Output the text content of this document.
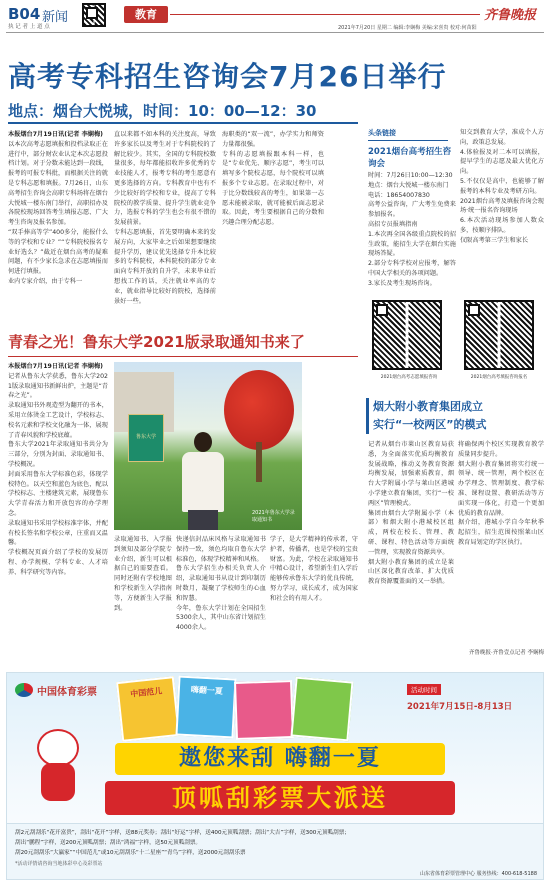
B04 新闻
执 记 者 上 道 点
教育	齐鲁晚报
2021年7月20日 星期二 编辑:李娴梅 美编:宋喜贵 校对:何苗阳
高考专科招生咨询会7月26日举行
地点：烟台大悦城，时间：10：00—12：30
本报烟台7月19日讯(记者 李娴梅)
以本次高考志愿填报和投档录取正在进行中，部分财农业认定本次志愿投档计划。对于分数未能达到一段线，报考的可报专科批，而根据关注的就是专科志愿和填报。7月26日，山东高考招生咨询会高职专科场将在烟台大悦城一楼东南门举行，高职招办及各院校现场回答考生填报志愿、广大考生咨询及报名参加。
“双手捧高等学”400多分，能报什么等的学校和专业？”“专科院校报名专业好选么？”截近在烟台高考的疑难问题，有不少家长急求在志愿填报而何进行填报。
业内专家介绍，由于专科一
直以来都不如本科的关注度高，导致许多家长以及考生对于专科院校的了解比较少。其实，全国的专科院校数量很多，每年都能招收许多优秀的专业技能人才，报考专科的考生愿意有更多选择的方向。专科教育中也有不少比较好的学校和专业，提高了专科院校的教学质量、提升学生就业竞争力，选报专科的学生也会有很不错的发展前景。
专科志愿填报，首先要明确本来的发展方向，大家毕业之后如果想要继续提升学历，建议优先选择专升本比较多的专科院校，本科院校的部分专业面向专科开放的自升学，未来毕业后想找工作的话，关注就业率高的专业，就业指导比较好的院校，选择前景好一些。
海职类的“双一流”，办学实力和师资力量都很强。
专科的志愿填报跟本科一样，也是“专业优先、顺序志愿”，考生可以填写多个院校志愿，每个院校可以填报多个专业志愿。在录取过程中，对于比分数线较高的考生，如果第一志愿未能被录取，就可能被后面志愿录取。因此，考生要根据自己的分数和兴趣合理分配志愿。
头条链接
2021烟台高考招生咨询会
时间：7月26日10:00—12:30
地点：烟台大悦城一楼东南门
电话：18654007830
高考公益咨询，广大考生免费来参加报名。
高招专员报填指南
1.本次再全国各级重点院校的招生政策，能招生大学在烟台实施现场答疑。
2.部分专科学校对应报考，解答中国大学相关的各项问题。
3.家长及考生现场咨询。
知交到教育大学，准成个人方向，政策总发展。
4.体验报及对二本可以填报，提早学生的志愿及最大优化方向。
5.不仅仅是高中，也能够了解报考的本科专业及考研方向。
2021烟台高考及填报咨询会现场·统一报名咨询现场
6.本次活动现场参加人数众多，按顺序排队。
仅限高考第三学生和家长
2021烟台高考志愿填报咨询	2021烟台高考填报咨询报名
青春之光！鲁东大学2021版录取通知书来了
本报烟台7月19日讯(记者 李娴梅)
记者从鲁东大学获悉，鲁东大学2021版录取通知书新鲜出炉，主题是“青春之光”。
录取通知书外观造型为翻开的书本，采用立体烫金工艺设计，学校标志、校名元素和学校文化融为一体，展现了青春风貌和学校底蕴。
鲁东大学2021年录取通知书共分为三部分，分别为封面、录取通知书、学校概况。
封面采用鲁东大学标准色彩，体现学校特色。以天空和蓝色为底色，配以学校标志、主楼建筑元素，展现鲁东大学青春活力和开放包容的办学理念。
录取通知书采用学校标准字体，并配有校长签名和学校公章，庄重而又温馨。
学校概况页面介绍了学校的发展历程、办学规模、学科专业、人才培养、科学研究等内容。
鲁东大学
2021年鲁东大学录取通知书
录取通知书、入学报到须知及部分学院专业介绍，新生可以根据自己的需要查看。同时还附有学校地图和学校新生入学指南等，方便新生入学报到。
快递信封品床风格与录取通知书保持一致，须色均取自鲁东大学标准色，体现学校精神和风格。
鲁东大学招生办相关负责人介绍，录取通知书从设计到印制历时数月，凝聚了学校师生的心血和智慧。
今年，鲁东大学计划在全国招生5300余人，其中山东省计划招生4000余人。
学子，是大学精神的传承者，守护者，传播者，也是学校的宝贵财富。为此，学校在录取通知书中精心设计，希望新生们入学后能够传承鲁东大学的优良传统，努力学习，成长成才，成为国家和社会的有用人才。
烟大附小教育集团成立
实行“一校两区”的模式
记者从烟台市莱山区教育局获悉，为全面落实优质均衡教育发展战略，推动义务教育资源均衡发展，加强素质教育，烟台大学附属小学与莱山区港城小学建立教育集团，实行“一校两区”管理模式。
集团由烟台大学附属小学（本部）和烟大附小港城校区组成，两校在校长、管理、教研、课程、特色活动等方面统一管理，实现教育资源共享。
烟大附小教育集团的成立是莱山区深化教育改革、扩大优质教育资源覆盖面的又一举措。
将确保两个校区实现教育教学质量同步提升。
烟大附小教育集团将实行统一领导、统一管理，两个校区在办学理念、管理制度、教学标准、课程设置、教研活动等方面实现一体化，打造一个更加优质的教育品牌。
据介绍，港城小学自今年秋季起招生，招生范围按照莱山区教育局划定的学区执行。
齐鲁晚报·齐鲁壹点记者 李娴梅
中国体育彩票	中国范儿	嗨翻一夏	活动时间
2021年7月15日-8月13日
遨您来刮 嗨翻一夏
顶呱刮彩票大派送
刮2元刮刮乐“花开富贵”，刮出“花开”字样，送88元奖券；刮出“好运”字样，送400元顶呱刮票；刮出“大吉”字样，送300元顶呱刮票；
刮出“鹏程”字样，送200元顶呱刮票；刮出“鸿福”字样，送50元顶呱刮票。
刮20元刮刮乐“大赢家”“中国范儿”或10元刮刮乐“十二星座”“青鸟”字样，送2000元刮刮乐票
*活动详情请咨询当地体彩中心及彩票站
山东省体育彩票管理中心 服务热线：400-618-5188
